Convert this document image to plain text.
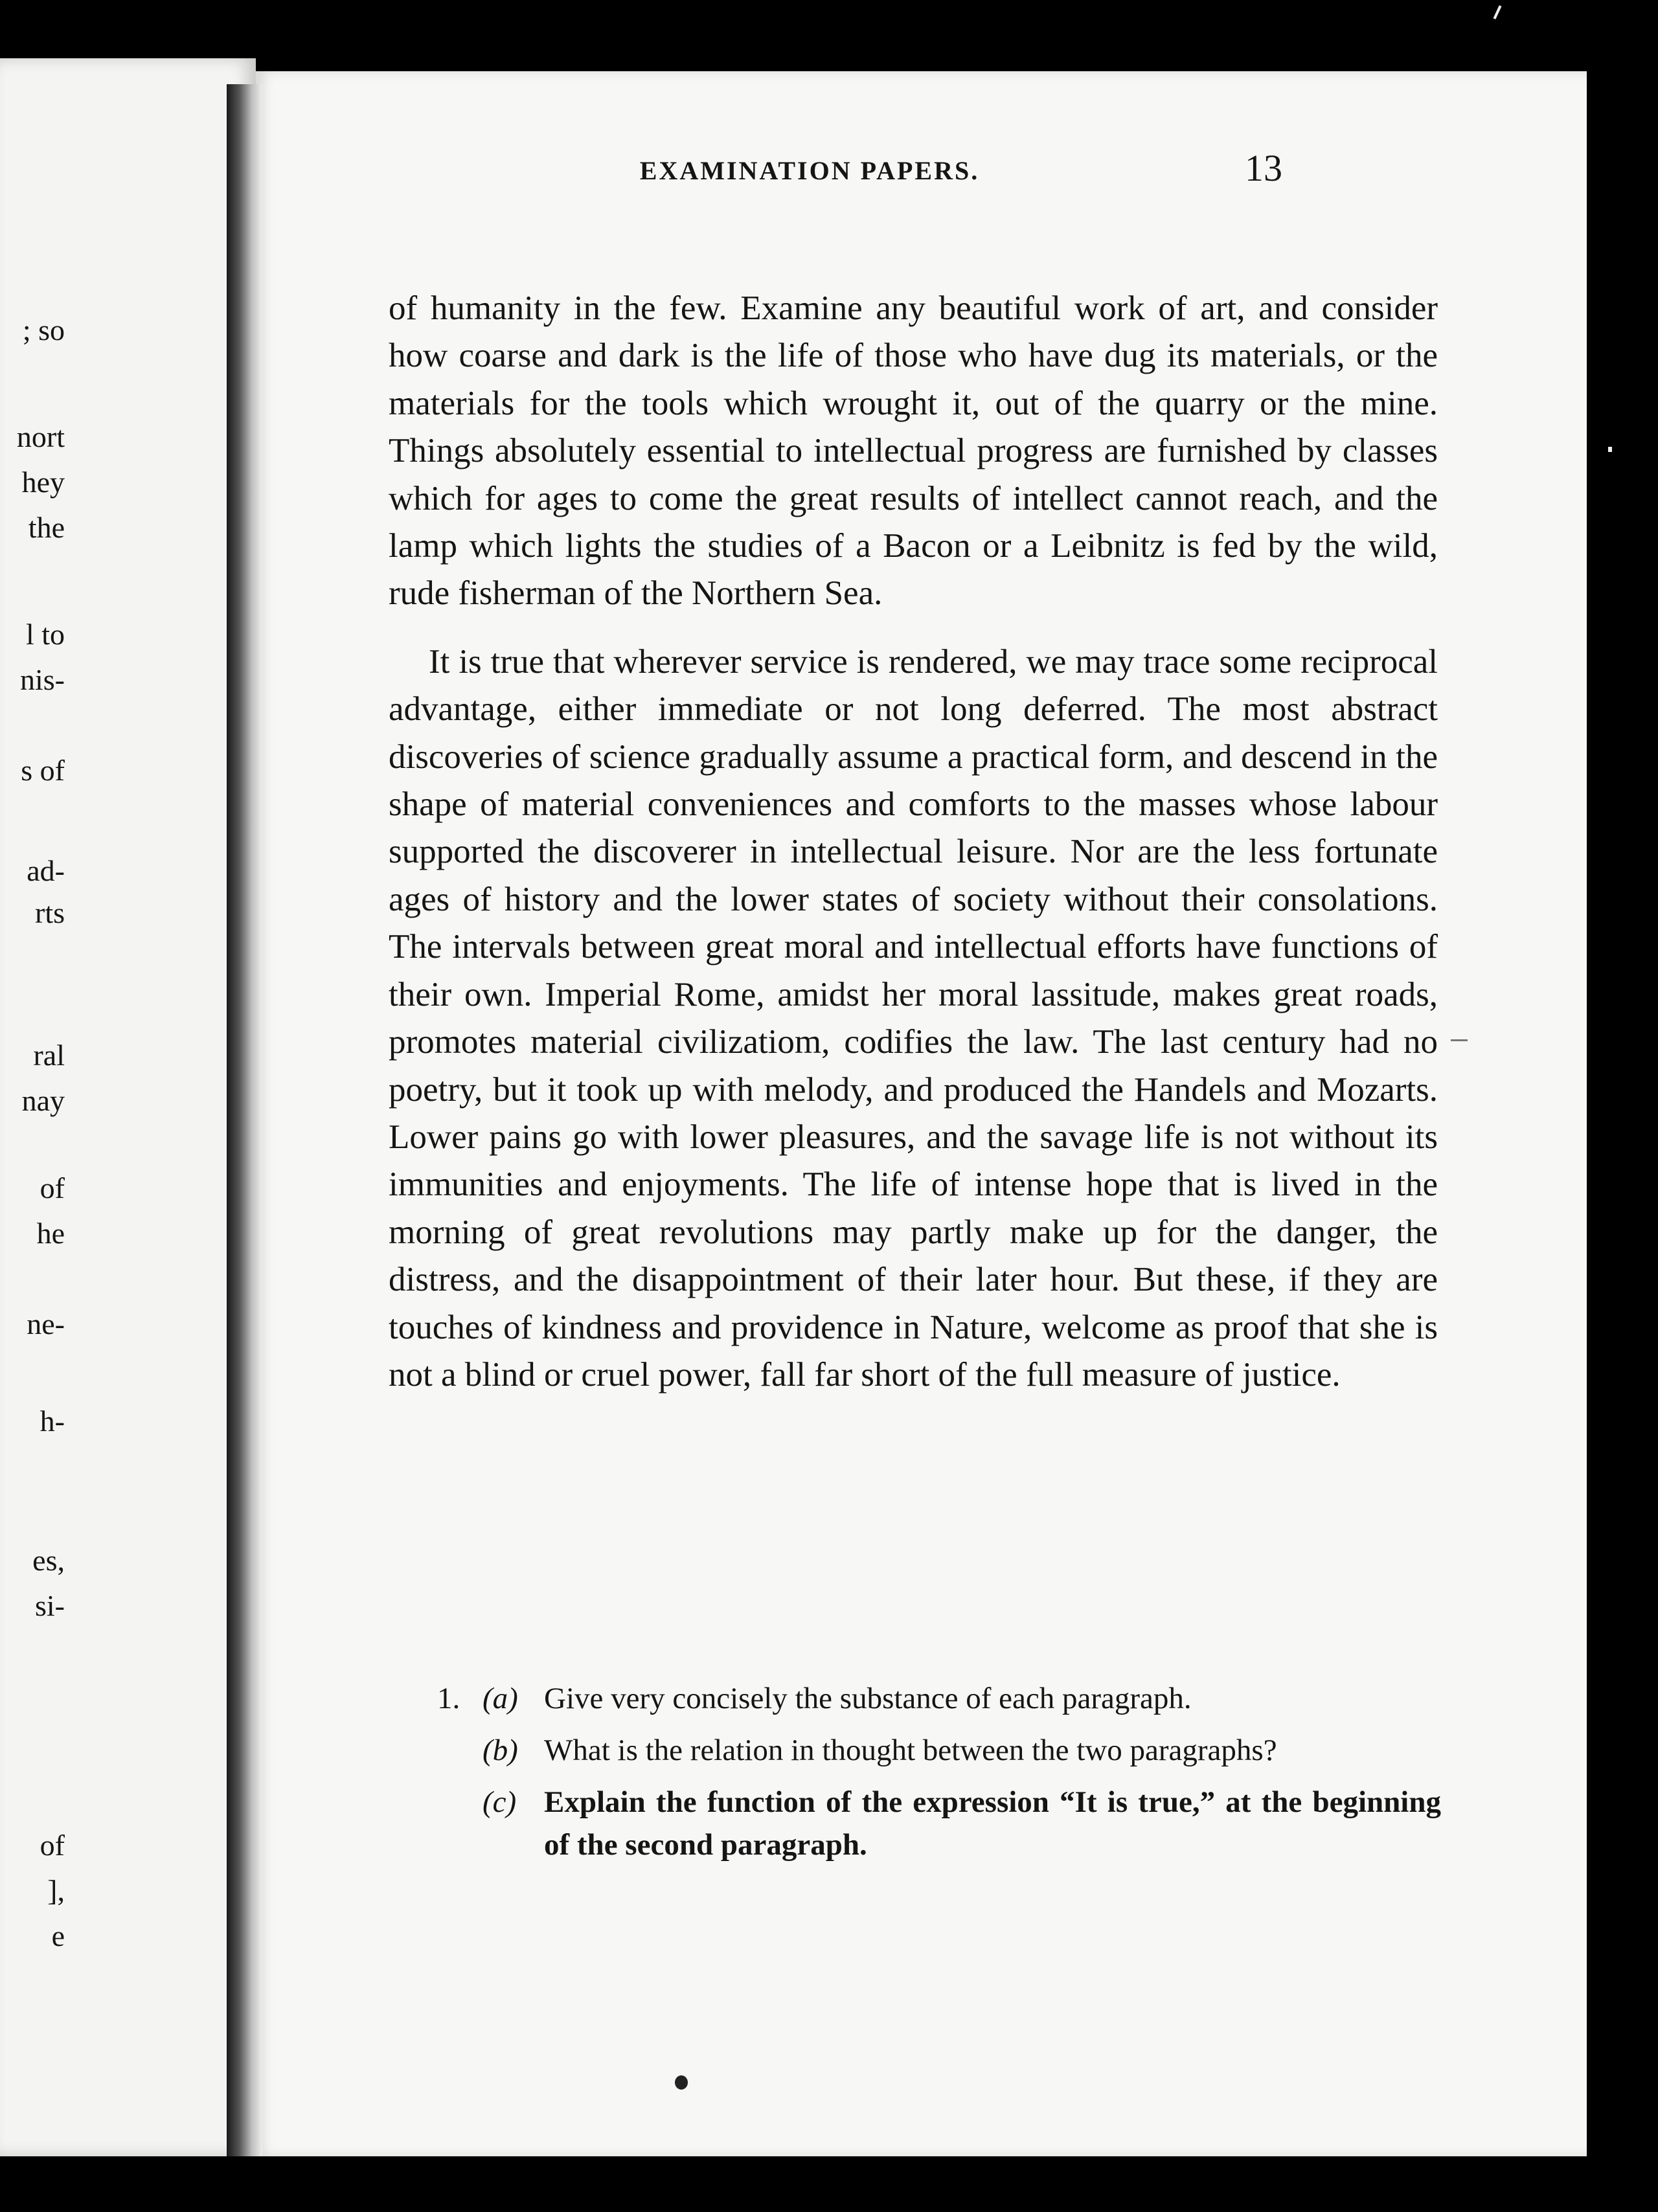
; so
nort
hey
the
l to
nis-
s of
ad-
rts
ral
nay
of
he
ne-
h-
es,
si-
of
],
e
EXAMINATION PAPERS.	13

of humanity in the few. Examine any beautiful work of art, and consider how coarse and dark is the life of those who have dug its materials, or the materials for the tools which wrought it, out of the quarry or the mine. Things absolutely essential to intellectual progress are furnished by classes which for ages to come the great results of intellect cannot reach, and the lamp which lights the studies of a Bacon or a Leibnitz is fed by the wild, rude fisherman of the Northern Sea.

It is true that wherever service is rendered, we may trace some reciprocal advantage, either immediate or not long deferred. The most abstract discoveries of science gradually assume a practical form, and descend in the shape of material conveniences and comforts to the masses whose labour supported the discoverer in intellectual leisure. Nor are the less fortunate ages of history and the lower states of society without their consolations. The intervals between great moral and intellectual efforts have functions of their own. Imperial Rome, amidst her moral lassitude, makes great roads, promotes material civilizatiom, codifies the law. The last century had no poetry, but it took up with melody, and produced the Handels and Mozarts. Lower pains go with lower pleasures, and the savage life is not without its immunities and enjoyments. The life of intense hope that is lived in the morning of great revolutions may partly make up for the danger, the distress, and the disappointment of their later hour. But these, if they are touches of kindness and providence in Nature, welcome as proof that she is not a blind or cruel power, fall far short of the full measure of justice.

1. (a) Give very concisely the substance of each paragraph.
(b) What is the relation in thought between the two paragraphs?
(c) Explain the function of the expression “It is true,” at the beginning of the second paragraph.
